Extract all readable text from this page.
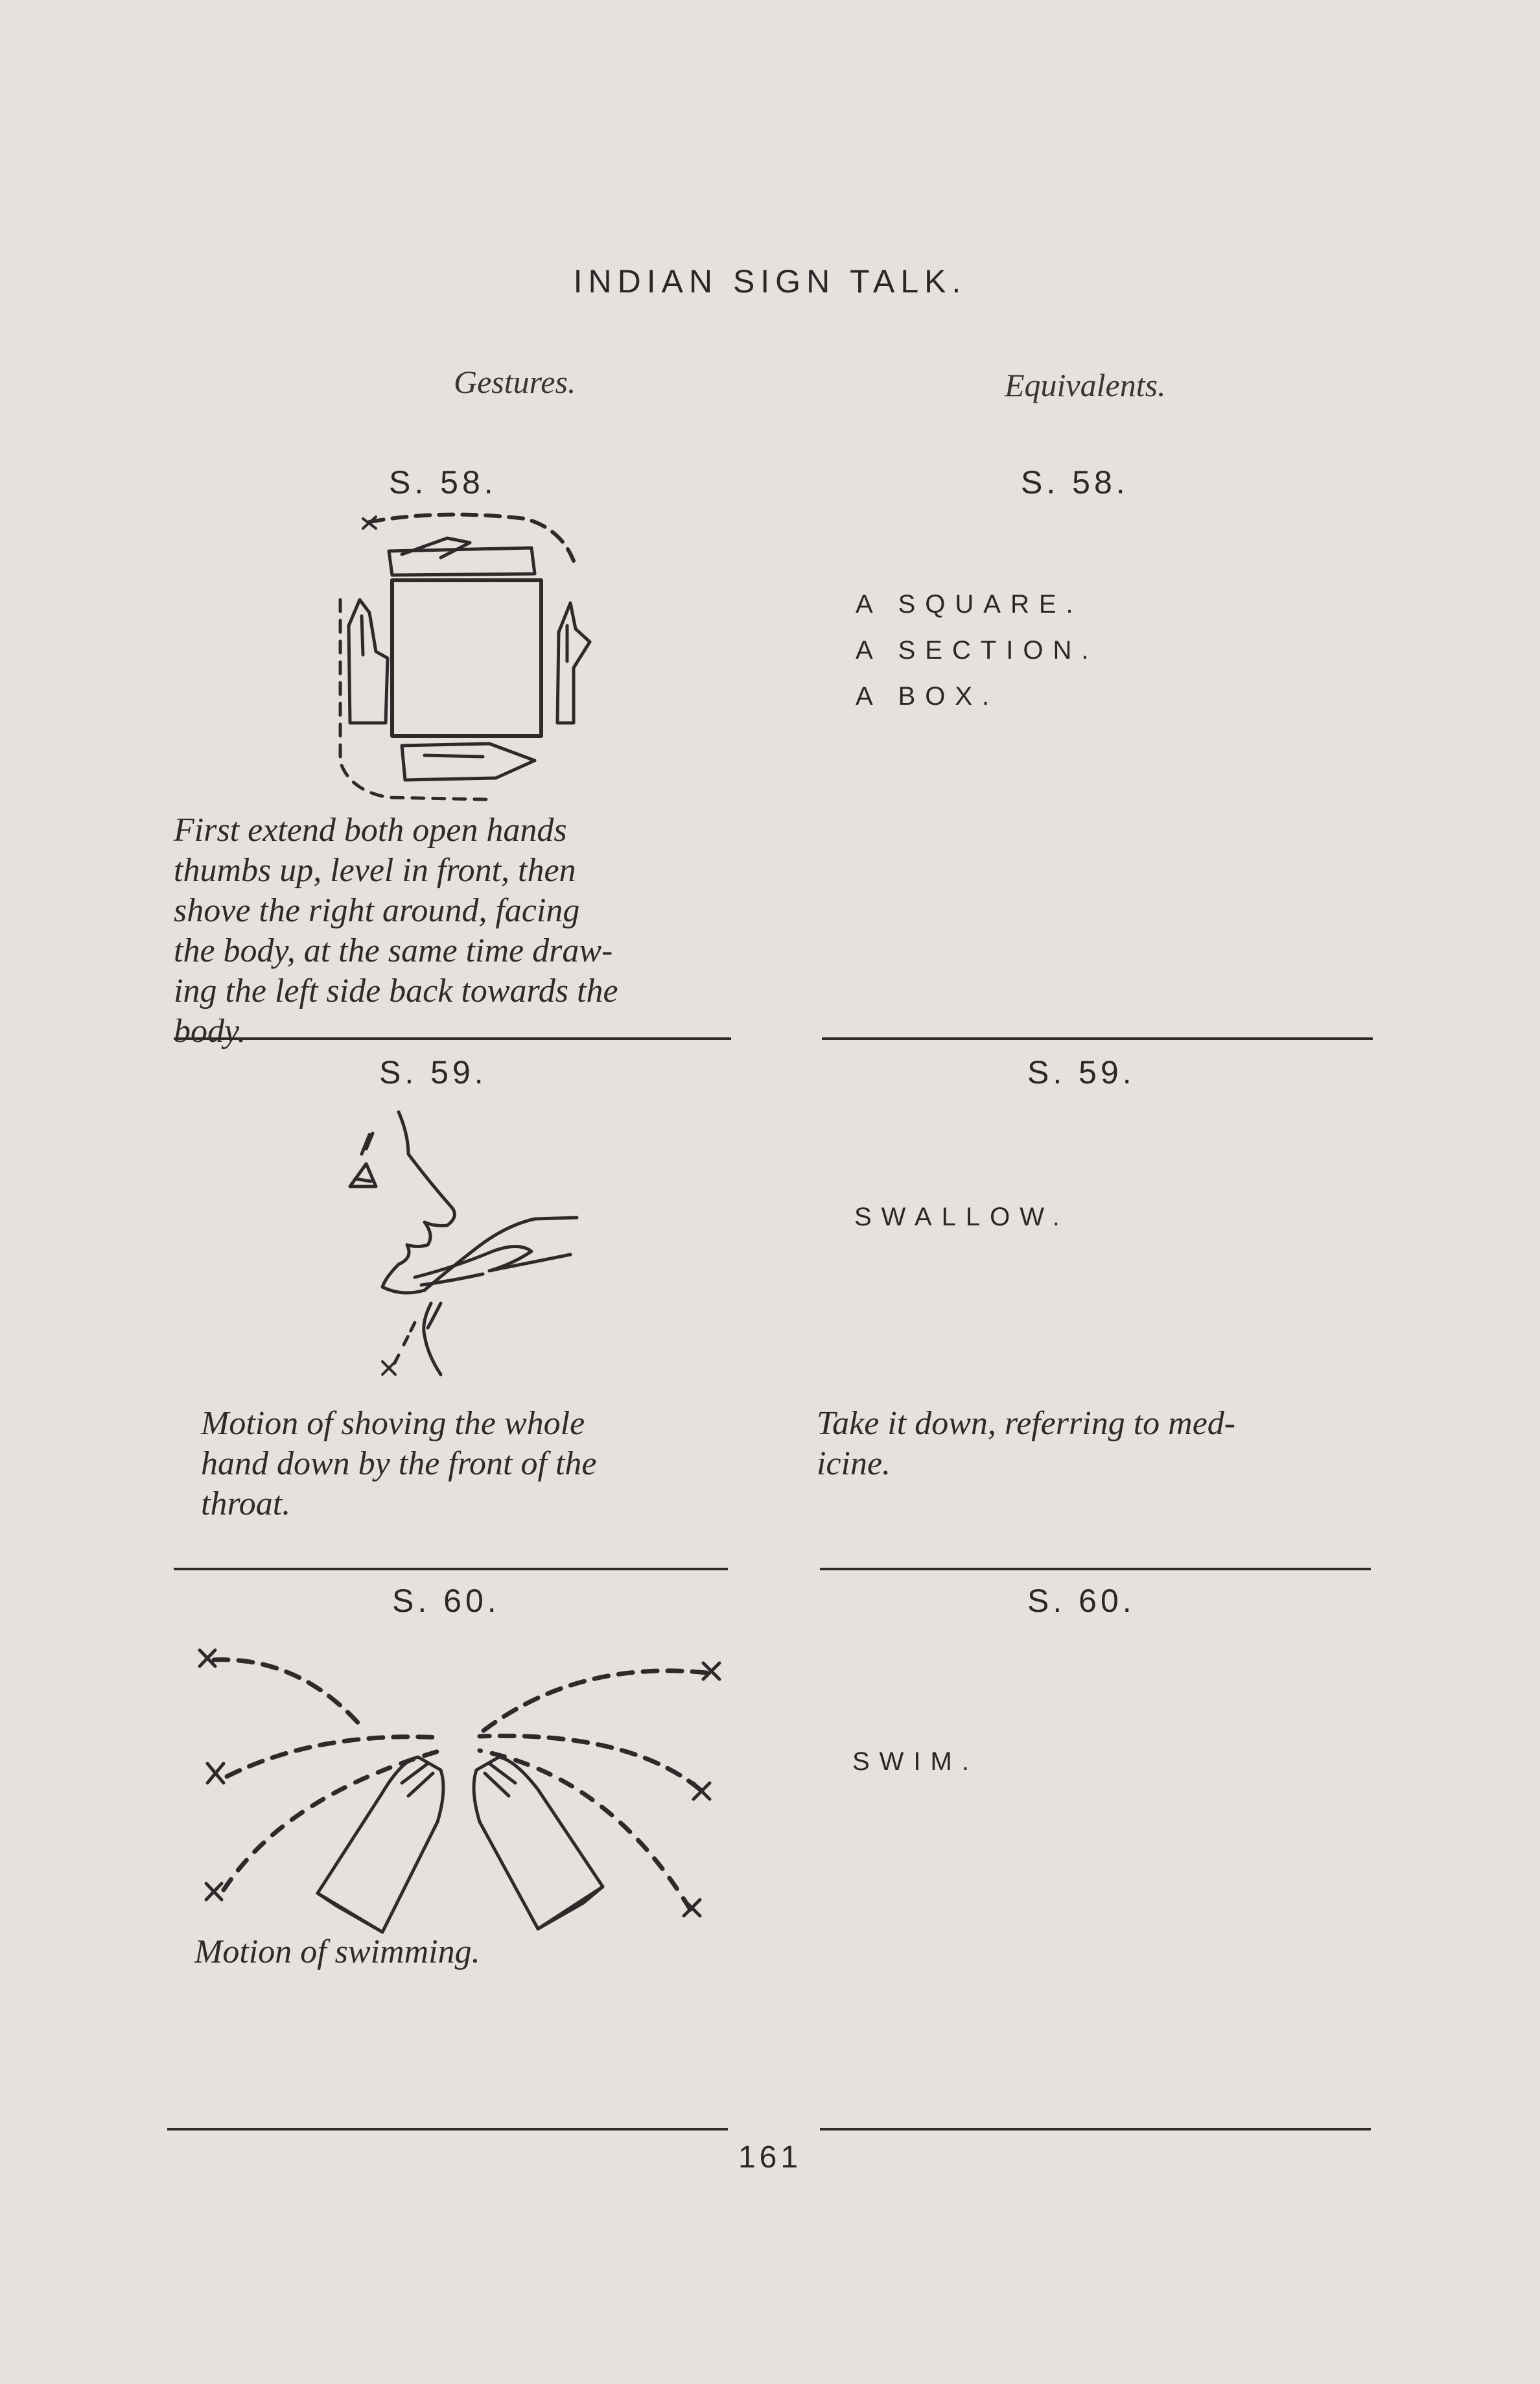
INDIAN SIGN TALK.
Gestures.	Equivalents.
S. 58.	S. 58.
A SQUARE.
A SECTION.
A BOX.
First extend both open hands
thumbs up, level in front, then
shove the right around, facing
the body, at the same time draw-
ing the left side back towards the
body.
S. 59.	S. 59.
SWALLOW.
Motion of shoving the whole
hand down by the front of the
throat.
Take it down, referring to med-
icine.
S. 60.	S. 60.
SWIM.
Motion of swimming.
161
